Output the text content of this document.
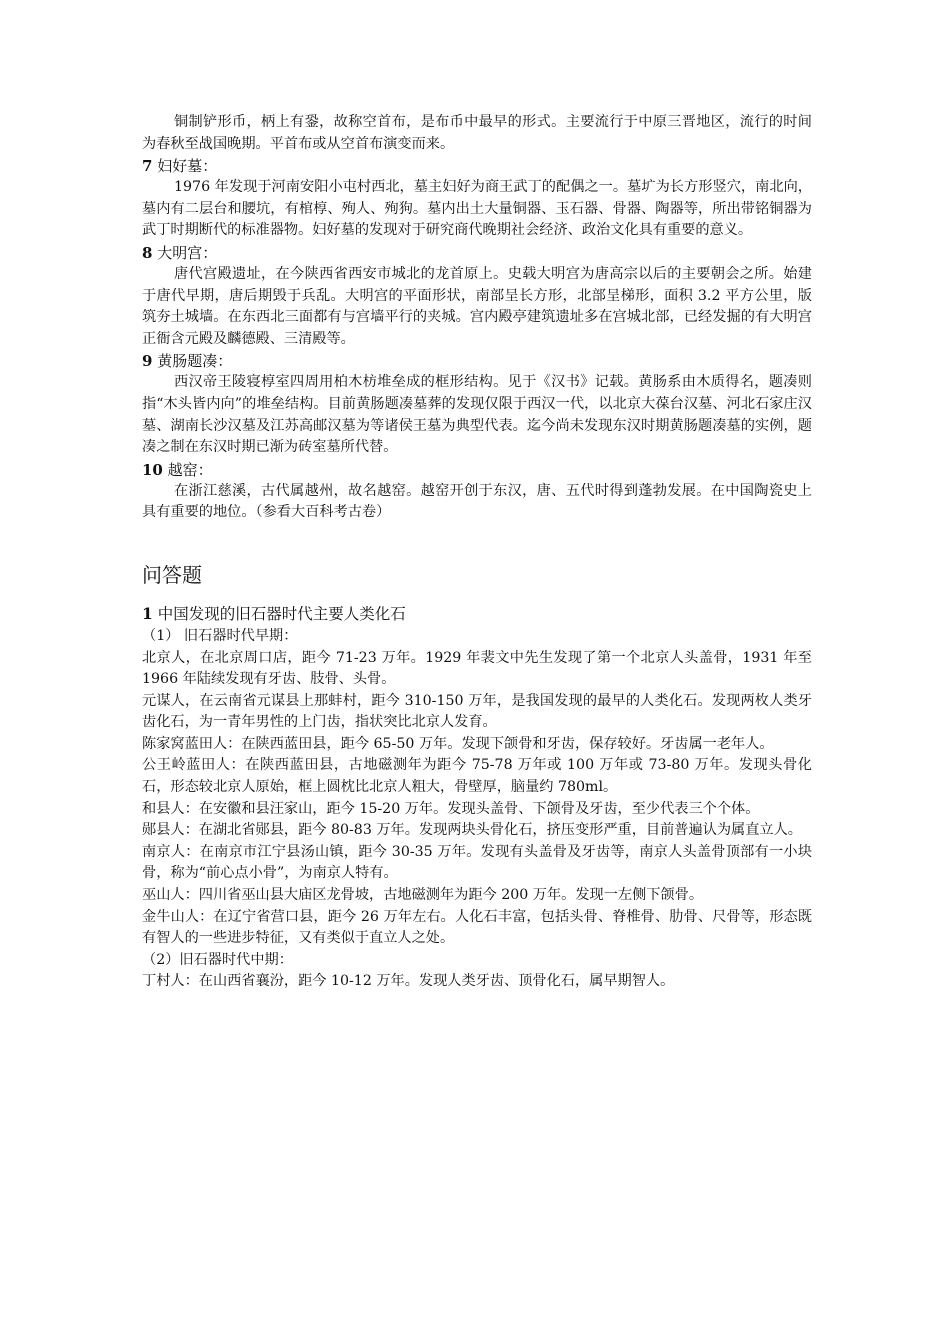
铜制铲形币，柄上有銎，故称空首布，是布币中最早的形式。主要流行于中原三晋地区，流行的时间为春秋至战国晚期。平首布或从空首布演变而来。

7 妇好墓：

1976 年发现于河南安阳小屯村西北，墓主妇好为商王武丁的配偶之一。墓圹为长方形竖穴，南北向，墓内有二层台和腰坑，有棺椁、殉人、殉狗。墓内出土大量铜器、玉石器、骨器、陶器等，所出带铭铜器为武丁时期断代的标准器物。妇好墓的发现对于研究商代晚期社会经济、政治文化具有重要的意义。

8 大明宫：

唐代宫殿遗址，在今陕西省西安市城北的龙首原上。史载大明宫为唐高宗以后的主要朝会之所。始建于唐代早期，唐后期毁于兵乱。大明宫的平面形状，南部呈长方形，北部呈梯形，面积 3.2 平方公里，版筑夯土城墙。在东西北三面都有与宫墙平行的夹城。宫内殿亭建筑遗址多在宫城北部，已经发掘的有大明宫正衙含元殿及麟德殿、三清殿等。

9 黄肠题凑：

西汉帝王陵寝椁室四周用柏木枋堆垒成的框形结构。见于《汉书》记载。黄肠系由木质得名，题凑则指“木头皆内向”的堆垒结构。目前黄肠题凑墓葬的发现仅限于西汉一代，以北京大葆台汉墓、河北石家庄汉墓、湖南长沙汉墓及江苏高邮汉墓为等诸侯王墓为典型代表。迄今尚未发现东汉时期黄肠题凑墓的实例，题凑之制在东汉时期已渐为砖室墓所代替。

10 越窑：

在浙江慈溪，古代属越州，故名越窑。越窑开创于东汉，唐、五代时得到蓬勃发展。在中国陶瓷史上具有重要的地位。（参看大百科考古卷）

问答题

1 中国发现的旧石器时代主要人类化石

（1） 旧石器时代早期：

北京人，在北京周口店，距今 71-23 万年。1929 年裴文中先生发现了第一个北京人头盖骨，1931 年至 1966 年陆续发现有牙齿、肢骨、头骨。

元谋人，在云南省元谋县上那蚌村，距今 310-150 万年，是我国发现的最早的人类化石。发现两枚人类牙齿化石，为一青年男性的上门齿，指状突比北京人发育。

陈家窝蓝田人：在陕西蓝田县，距今 65-50 万年。发现下颌骨和牙齿，保存较好。牙齿属一老年人。

公王岭蓝田人：在陕西蓝田县，古地磁测年为距今 75-78 万年或 100 万年或 73-80 万年。发现头骨化石，形态较北京人原始，框上圆枕比北京人粗大，骨壁厚，脑量约 780ml。

和县人：在安徽和县汪家山，距今 15-20 万年。发现头盖骨、下颌骨及牙齿，至少代表三个个体。

郧县人：在湖北省郧县，距今 80-83 万年。发现两块头骨化石，挤压变形严重，目前普遍认为属直立人。

南京人：在南京市江宁县汤山镇，距今 30-35 万年。发现有头盖骨及牙齿等，南京人头盖骨顶部有一小块骨，称为“前心点小骨”，为南京人特有。

巫山人：四川省巫山县大庙区龙骨坡，古地磁测年为距今 200 万年。发现一左侧下颌骨。

金牛山人：在辽宁省营口县，距今 26 万年左右。人化石丰富，包括头骨、脊椎骨、肋骨、尺骨等，形态既有智人的一些进步特征，又有类似于直立人之处。

（2）旧石器时代中期：

丁村人：在山西省襄汾，距今 10-12 万年。发现人类牙齿、顶骨化石，属早期智人。
